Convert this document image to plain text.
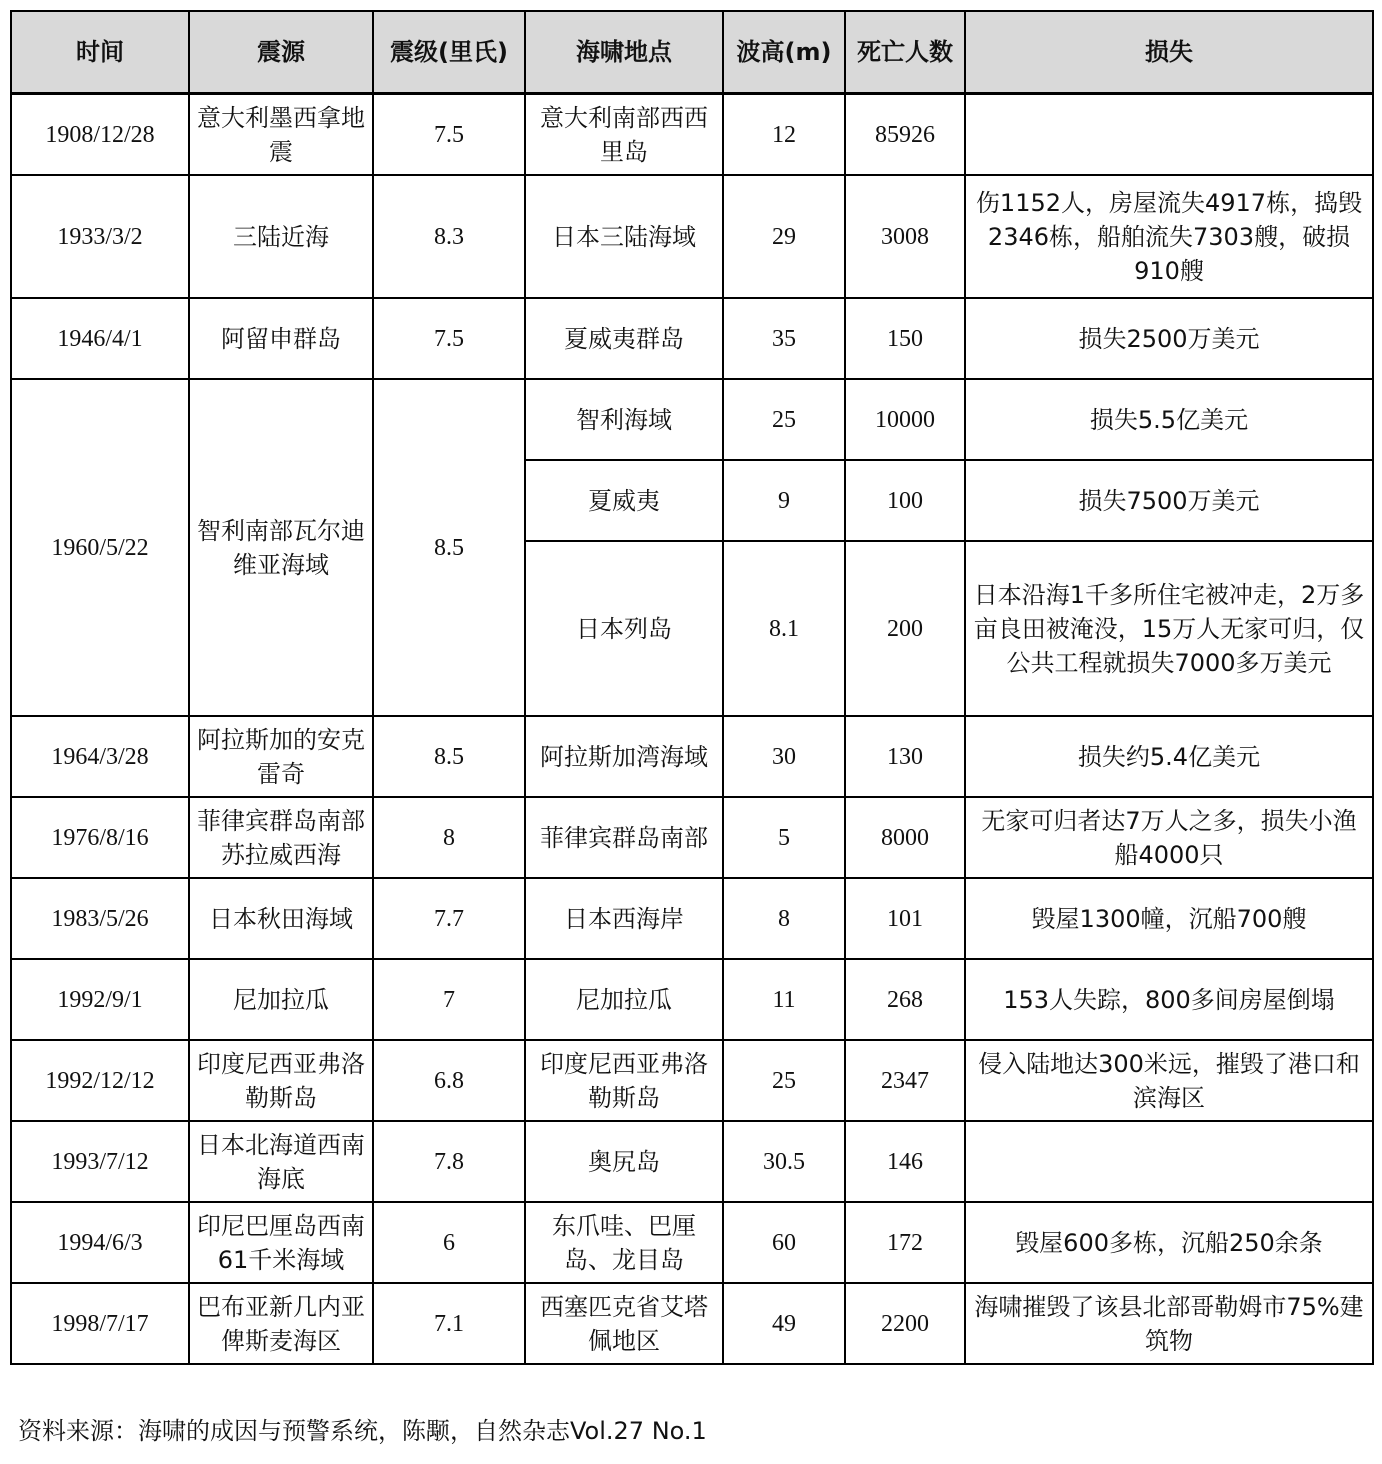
时间	震源	震级(里氏)	海啸地点	波高(m)	死亡人数	损失
1908/12/28	意大利墨西拿地震	7.5	意大利南部西西里岛	12	85926	
1933/3/2	三陆近海	8.3	日本三陆海域	29	3008	伤1152人，房屋流失4917栋，捣毁2346栋，船舶流失7303艘，破损910艘
1946/4/1	阿留申群岛	7.5	夏威夷群岛	35	150	损失2500万美元
1960/5/22	智利南部瓦尔迪维亚海域	8.5	智利海域	25	10000	损失5.5亿美元
			夏威夷	9	100	损失7500万美元
			日本列岛	8.1	200	日本沿海1千多所住宅被冲走，2万多亩良田被淹没，15万人无家可归，仅公共工程就损失7000多万美元
1964/3/28	阿拉斯加的安克雷奇	8.5	阿拉斯加湾海域	30	130	损失约5.4亿美元
1976/8/16	菲律宾群岛南部苏拉威西海	8	菲律宾群岛南部	5	8000	无家可归者达7万人之多，损失小渔船4000只
1983/5/26	日本秋田海域	7.7	日本西海岸	8	101	毁屋1300幢，沉船700艘
1992/9/1	尼加拉瓜	7	尼加拉瓜	11	268	153人失踪，800多间房屋倒塌
1992/12/12	印度尼西亚弗洛勒斯岛	6.8	印度尼西亚弗洛勒斯岛	25	2347	侵入陆地达300米远，摧毁了港口和滨海区
1993/7/12	日本北海道西南海底	7.8	奥尻岛	30.5	146	
1994/6/3	印尼巴厘岛西南61千米海域	6	东爪哇、巴厘岛、龙目岛	60	172	毁屋600多栋，沉船250余条
1998/7/17	巴布亚新几内亚俾斯麦海区	7.1	西塞匹克省艾塔佩地区	49	2200	海啸摧毁了该县北部哥勒姆市75%建筑物
资料来源：海啸的成因与预警系统，陈颙，自然杂志Vol.27 No.1
